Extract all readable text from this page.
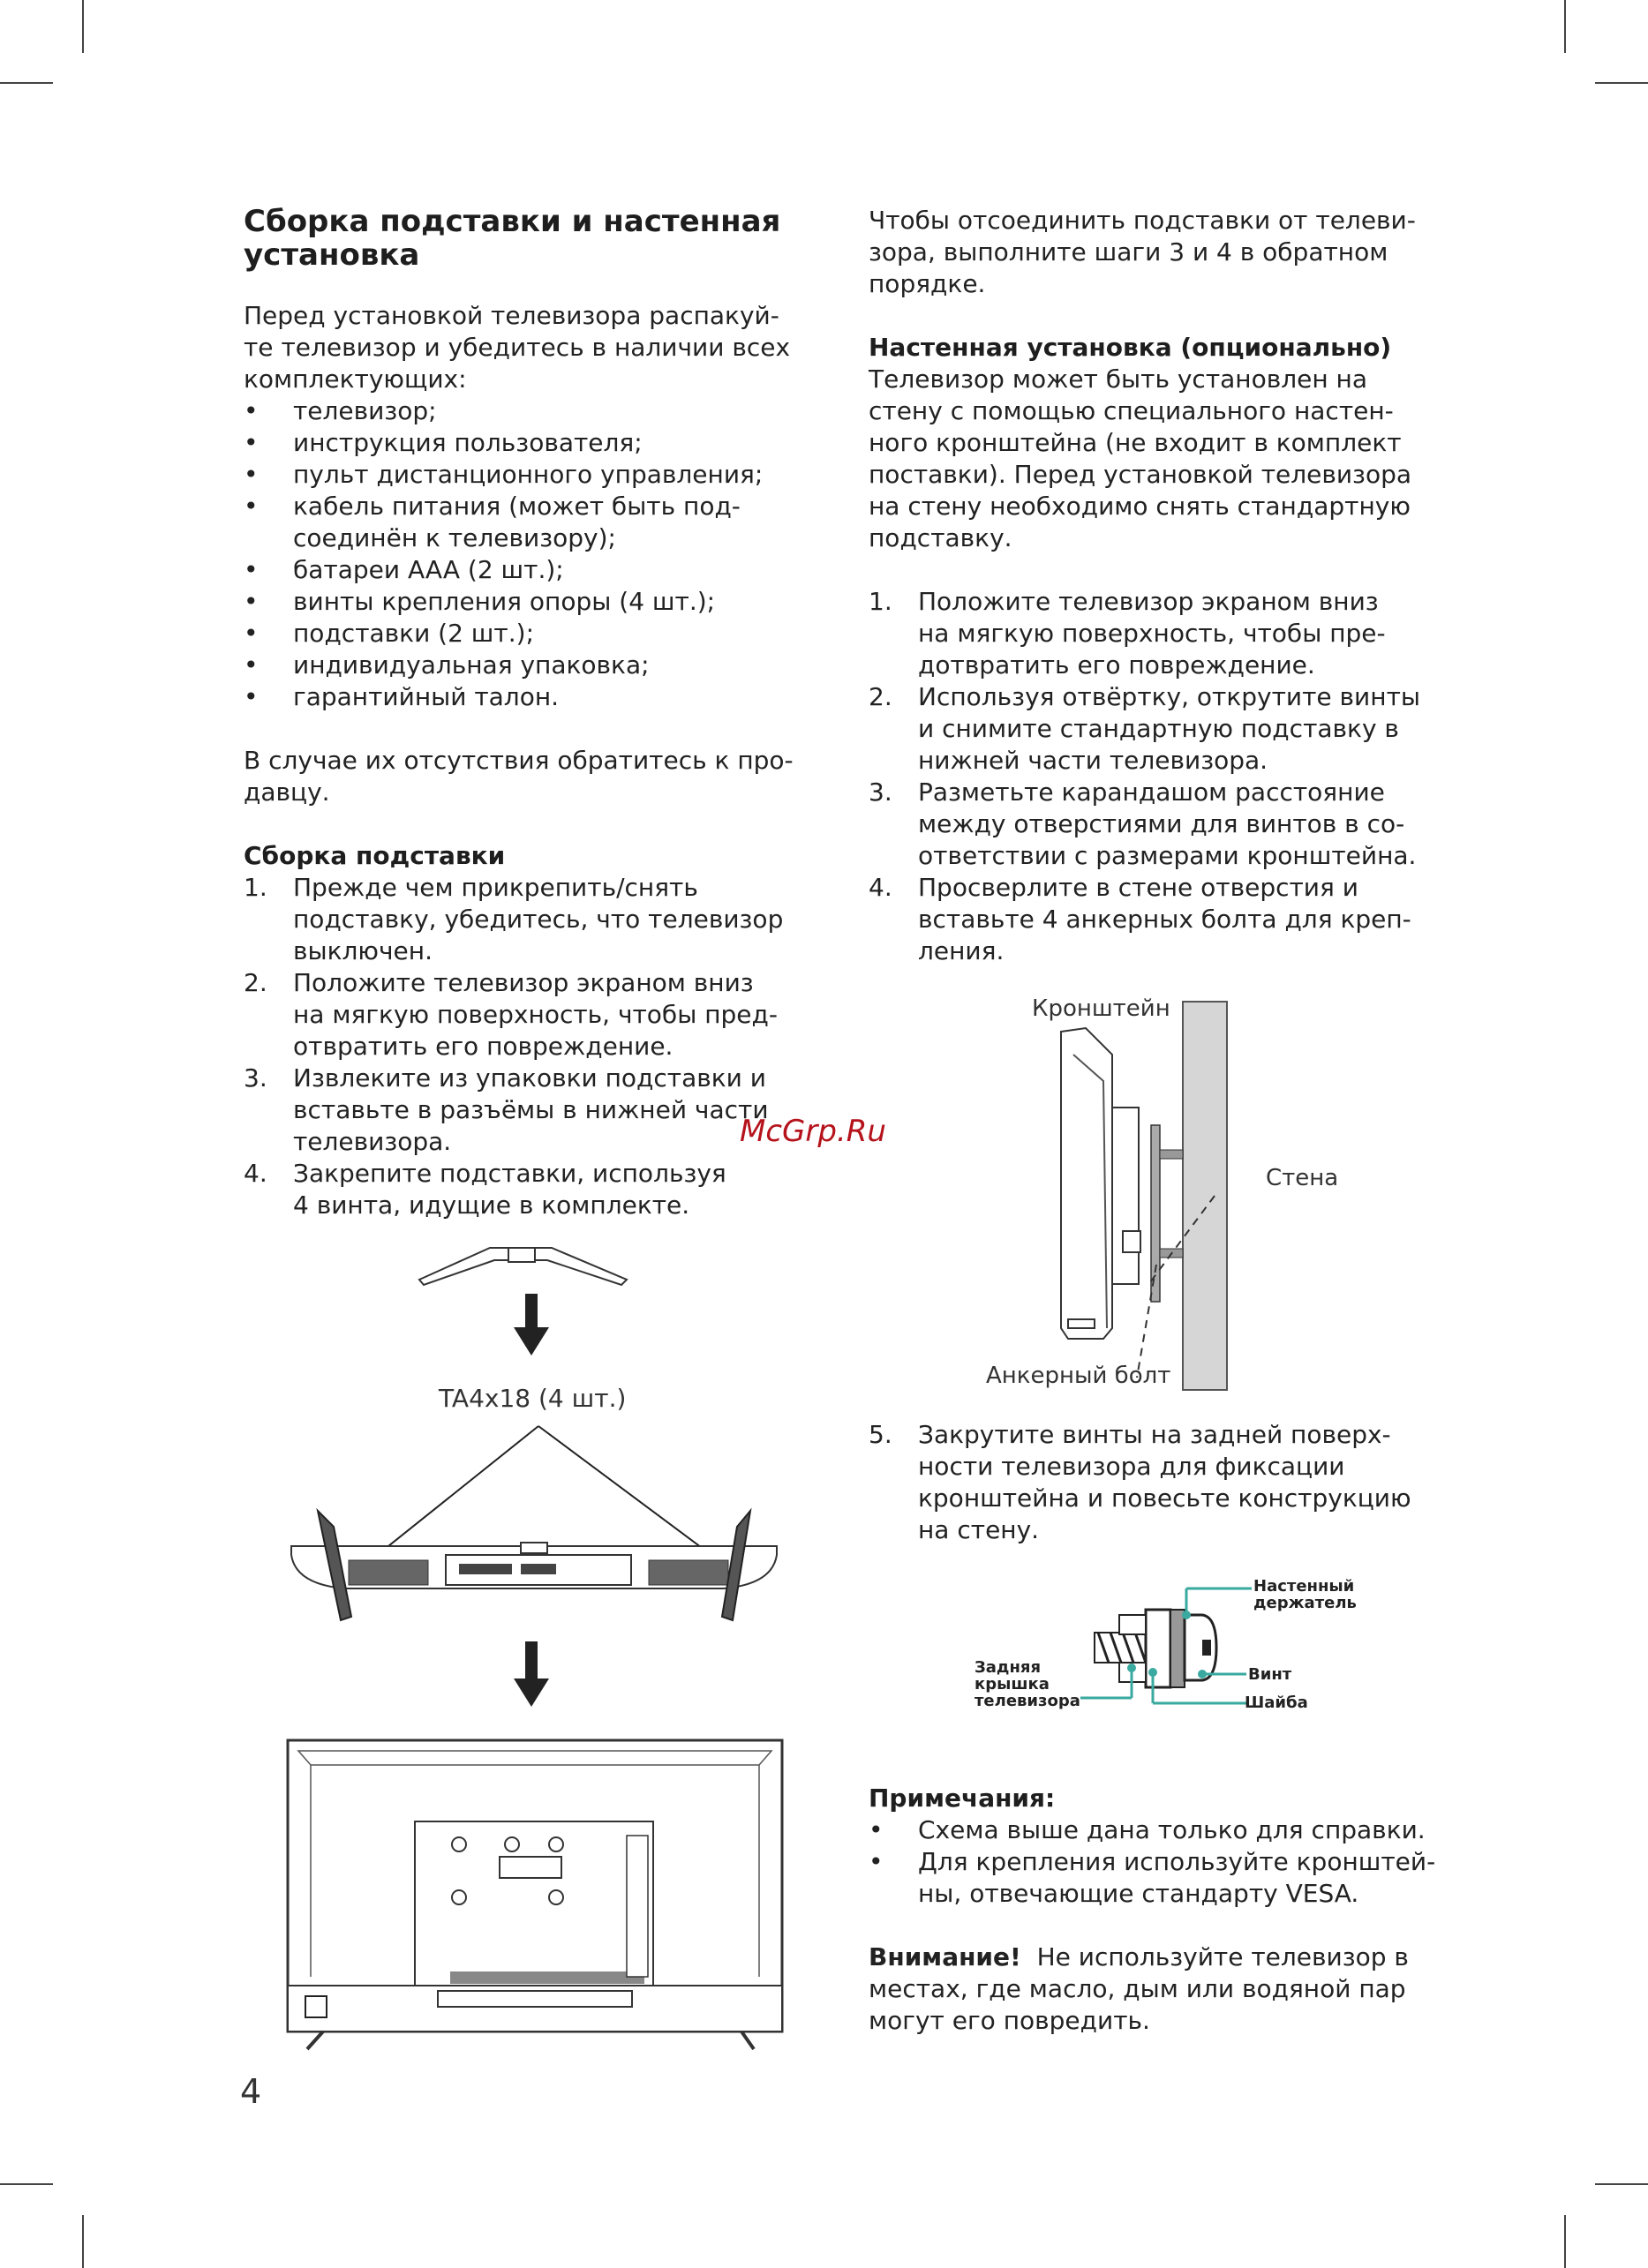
Сборка подставки и настенная
установка

Перед установкой телевизора распакуй-
те телевизор и убедитесь в наличии всех
комплектующих:

• телевизор;
• инструкция пользователя;
• пульт дистанционного управления;
• кабель питания (может быть под-
соединён к телевизору);
• батареи AAA (2 шт.);
• винты крепления опоры (4 шт.);
• подставки (2 шт.);
• индивидуальная упаковка;
• гарантийный талон.

В случае их отсутствия обратитесь к про-
давцу.

Сборка подставки
1. Прежде чем прикрепить/снять
подставку, убедитесь, что телевизор
выключен.
2. Положите телевизор экраном вниз
на мягкую поверхность, чтобы пред-
отвратить его повреждение.
3. Извлеките из упаковки подставки и
вставьте в разъёмы в нижней части
телевизора.
4. Закрепите подставки, используя
4 винта, идущие в комплекте.
TA4x18 (4 шт.)

Чтобы отсоединить подставки от телеви-
зора, выполните шаги 3 и 4 в обратном
порядке.

Настенная установка (опционально)

Телевизор может быть установлен на
стену с помощью специального настен-
ного кронштейна (не входит в комплект
поставки). Перед установкой телевизора
на стену необходимо снять стандартную
подставку.

1. Положите телевизор экраном вниз
на мягкую поверхность, чтобы пре-
дотвратить его повреждение.
2. Используя отвёртку, открутите винты
и снимите стандартную подставку в
нижней части телевизора.
3. Разметьте карандашом расстояние
между отверстиями для винтов в со-
ответствии с размерами кронштейна.
4. Просверлите в стене отверстия и
вставьте 4 анкерных болта для креп-
ления.
Кронштейн
Стена
Анкерный болт
5. Закрутите винты на задней поверх-
ности телевизора для фиксации
кронштейна и повесьте конструкцию
на стену.
Настенный
держатель
Задняя
крышка
телевизора
Винт
Шайба
Примечания:
• Схема выше дана только для справки.
• Для крепления используйте кронштей-
ны, отвечающие стандарту VESA.

Внимание! Не используйте телевизор в
местах, где масло, дым или водяной пар
могут его повредить.

McGrp.Ru
4
